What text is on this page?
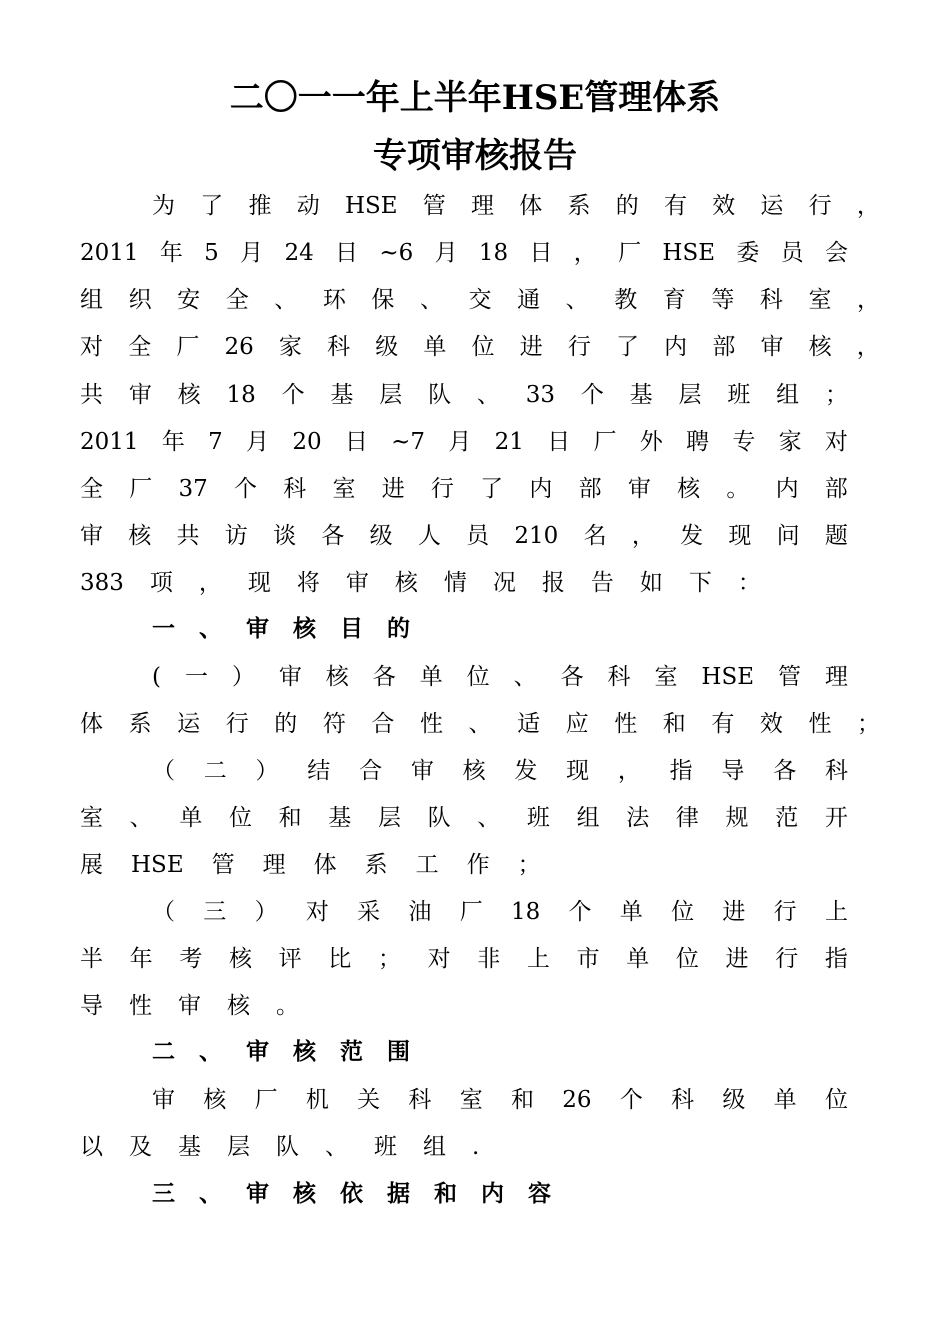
二〇一一年上半年HSE管理体系
专项审核报告
为 了 推 动 HSE 管 理 体 系 的 有 效 运 行 ，
2011 年 5 月 24 日 ~6 月 18 日 ， 厂 HSE 委 员 会
组 织 安 全 、 环 保 、 交 通 、 教 育 等 科 室 ，
对 全 厂 26 家 科 级 单 位 进 行 了 内 部 审 核 ，
共 审 核 18 个 基 层 队 、 33 个 基 层 班 组 ；
2011 年 7 月 20 日 ~7 月 21 日 厂 外 聘 专 家 对
全 厂 37 个 科 室 进 行 了 内 部 审 核 。 内 部
审 核 共 访 谈 各 级 人 员 210 名 ， 发 现 问 题
383 项 ， 现 将 审 核 情 况 报 告 如 下 ：
一 、 审 核 目 的
( 一 ） 审 核 各 单 位 、 各 科 室 HSE 管 理
体 系 运 行 的 符 合 性 、 适 应 性 和 有 效 性 ；
（ 二 ） 结 合 审 核 发 现 ， 指 导 各 科
室 、 单 位 和 基 层 队 、 班 组 法 律 规 范 开
展 HSE 管 理 体 系 工 作 ；
（ 三 ） 对 采 油 厂 18 个 单 位 进 行 上
半 年 考 核 评 比 ； 对 非 上 市 单 位 进 行 指
导 性 审 核 。
二 、 审 核 范 围
审 核 厂 机 关 科 室 和 26 个 科 级 单 位
以 及 基 层 队 、 班 组 .
三 、 审 核 依 据 和 内 容
